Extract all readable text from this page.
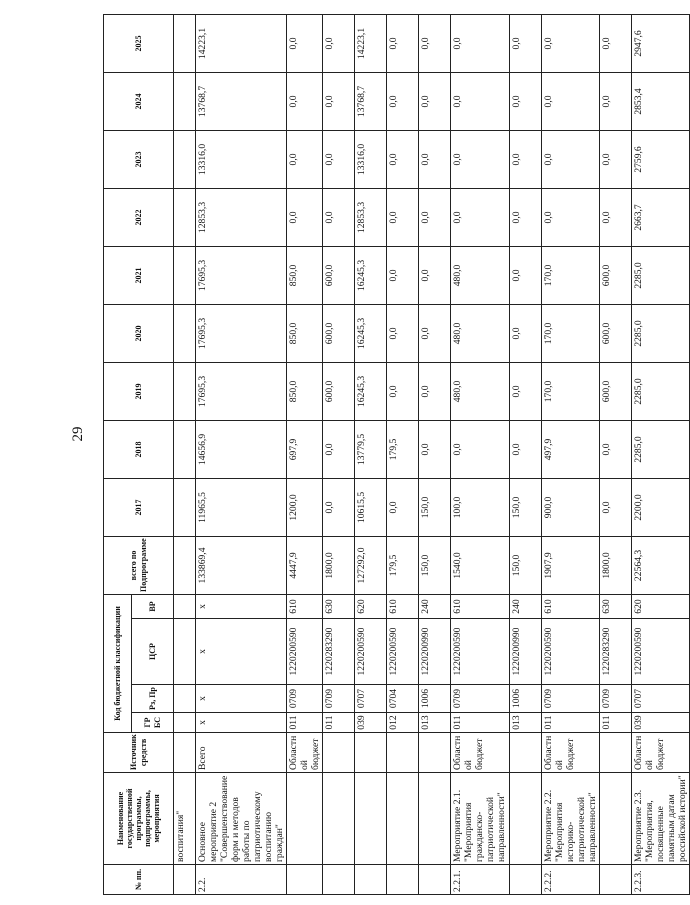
29
№ пп.	Наименование государственной программы, подпрограммы, мероприятия	Источник средств	Код бюджетной классификации				всего по Подпрограмме	2017	2018	2019	2020	2021	2022	2023	2024	2025
			ГР БС	Рз, Пр	ЦСР	ВР										
	воспитания"															
2.2.	Основное мероприятие 2 "Совершенствование форм и методов работы по патриотическому воспитанию граждан"	Всего	х	х	х	х	133869,4	11965,5	14656,9	17695,3	17695,3	17695,3	12853,3	13316,0	13768,7	14223,1
		Областной бюджет	011	0709	1220200590	610	4447,9	1200,0	697,9	850,0	850,0	850,0	0,0	0,0	0,0	0,0
			011	0709	1220283290	630	1800,0	0,0	0,0	600,0	600,0	600,0	0,0	0,0	0,0	0,0
			039	0707	1220200590	620	127292,0	10615,5	13779,5	16245,3	16245,3	16245,3	12853,3	13316,0	13768,7	14223,1
			012	0704	1220200590	610	179,5	0,0	179,5	0,0	0,0	0,0	0,0	0,0	0,0	0,0
			013	1006	1220200990	240	150,0	150,0	0,0	0,0	0,0	0,0	0,0	0,0	0,0	0,0
2.2.1.	Мероприятие 2.1. "Мероприятия гражданско-патриотической направленности"	Областной бюджет	011	0709	1220200590	610	1540,0	100,0	0,0	480,0	480,0	480,0	0,0	0,0	0,0	0,0
			013	1006	1220200990	240	150,0	150,0	0,0	0,0	0,0	0,0	0,0	0,0	0,0	0,0
2.2.2.	Мероприятие 2.2. "Мероприятия историко-патриотической направленности"	Областной бюджет	011	0709	1220200590	610	1907,9	900,0	497,9	170,0	170,0	170,0	0,0	0,0	0,0	0,0
			011	0709	1220283290	630	1800,0	0,0	0,0	600,0	600,0	600,0	0,0	0,0	0,0	0,0
2.2.3.	Мероприятие 2.3. "Мероприятия, посвященные памятным датам российской истории"	Областной бюджет	039	0707	1220200590	620	22564,3	2200,0	2285,0	2285,0	2285,0	2285,0	2663,7	2759,6	2853,4	2947,6
